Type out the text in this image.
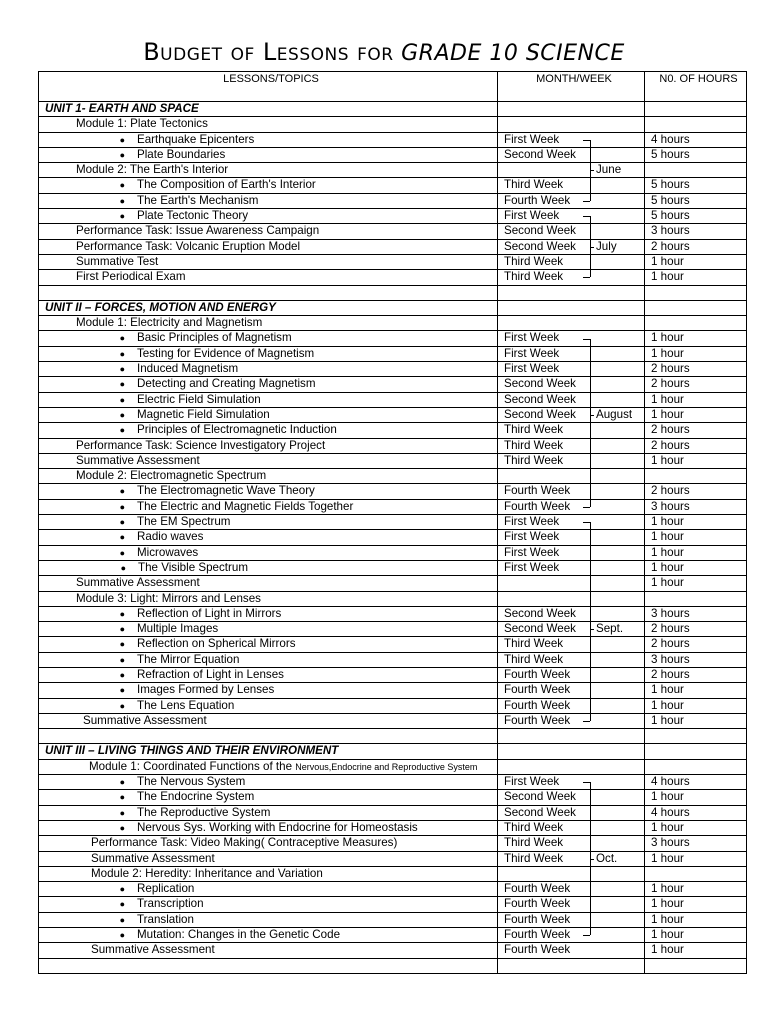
Budget of Lessons for GRADE 10 SCIENCE
LESSONS/TOPICS	MONTH/WEEK	N0. OF HOURS
UNIT 1- EARTH AND SPACE		
Module 1: Plate Tectonics		
● Earthquake Epicenters	First Week	4 hours
● Plate Boundaries	Second Week	5 hours
Module 2: The Earth's Interior		
● The Composition of Earth's Interior	Third Week	5 hours
● The Earth's Mechanism	Fourth Week	5 hours
● Plate Tectonic Theory	First Week	5 hours
Performance Task: Issue Awareness Campaign	Second Week	3 hours
Performance Task: Volcanic Eruption Model	Second Week	2 hours
Summative Test	Third Week	1 hour
First Periodical Exam	Third Week	1 hour

UNIT II – FORCES, MOTION AND ENERGY		
Module 1: Electricity and Magnetism		
● Basic Principles of Magnetism	First Week	1 hour
● Testing for Evidence of Magnetism	First Week	1 hour
● Induced Magnetism	First Week	2 hours
● Detecting and Creating Magnetism	Second Week	2 hours
● Electric Field Simulation	Second Week	1 hour
● Magnetic Field Simulation	Second Week	1 hour
● Principles of Electromagnetic Induction	Third Week	2 hours
Performance Task: Science Investigatory Project	Third Week	2 hours
Summative Assessment	Third Week	1 hour
Module 2: Electromagnetic Spectrum		
● The Electromagnetic Wave Theory	Fourth Week	2 hours
● The Electric and Magnetic Fields Together	Fourth Week	3 hours
● The EM Spectrum	First Week	1 hour
● Radio waves	First Week	1 hour
● Microwaves	First Week	1 hour
● The Visible Spectrum	First Week	1 hour
Summative Assessment		1 hour
Module 3: Light: Mirrors and Lenses		
● Reflection of Light in Mirrors	Second Week	3 hours
● Multiple Images	Second Week	2 hours
● Reflection on Spherical Mirrors	Third Week	2 hours
● The Mirror Equation	Third Week	3 hours
● Refraction of Light in Lenses	Fourth Week	2 hours
● Images Formed by Lenses	Fourth Week	1 hour
● The Lens Equation	Fourth Week	1 hour
Summative Assessment	Fourth Week	1 hour

UNIT III – LIVING THINGS AND THEIR ENVIRONMENT		
Module 1: Coordinated Functions of the Nervous,Endocrine and Reproductive System		
● The Nervous System	First Week	4 hours
● The Endocrine System	Second Week	1 hour
● The Reproductive System	Second Week	4 hours
● Nervous Sys. Working with Endocrine for Homeostasis	Third Week	1 hour
Performance Task: Video Making( Contraceptive Measures)	Third Week	3 hours
Summative Assessment	Third Week	1 hour
Module 2: Heredity: Inheritance and Variation		
● Replication	Fourth Week	1 hour
● Transcription	Fourth Week	1 hour
● Translation	Fourth Week	1 hour
● Mutation: Changes in the Genetic Code	Fourth Week	1 hour
Summative Assessment	Fourth Week	1 hour

June
July
August
Sept.
Oct.
